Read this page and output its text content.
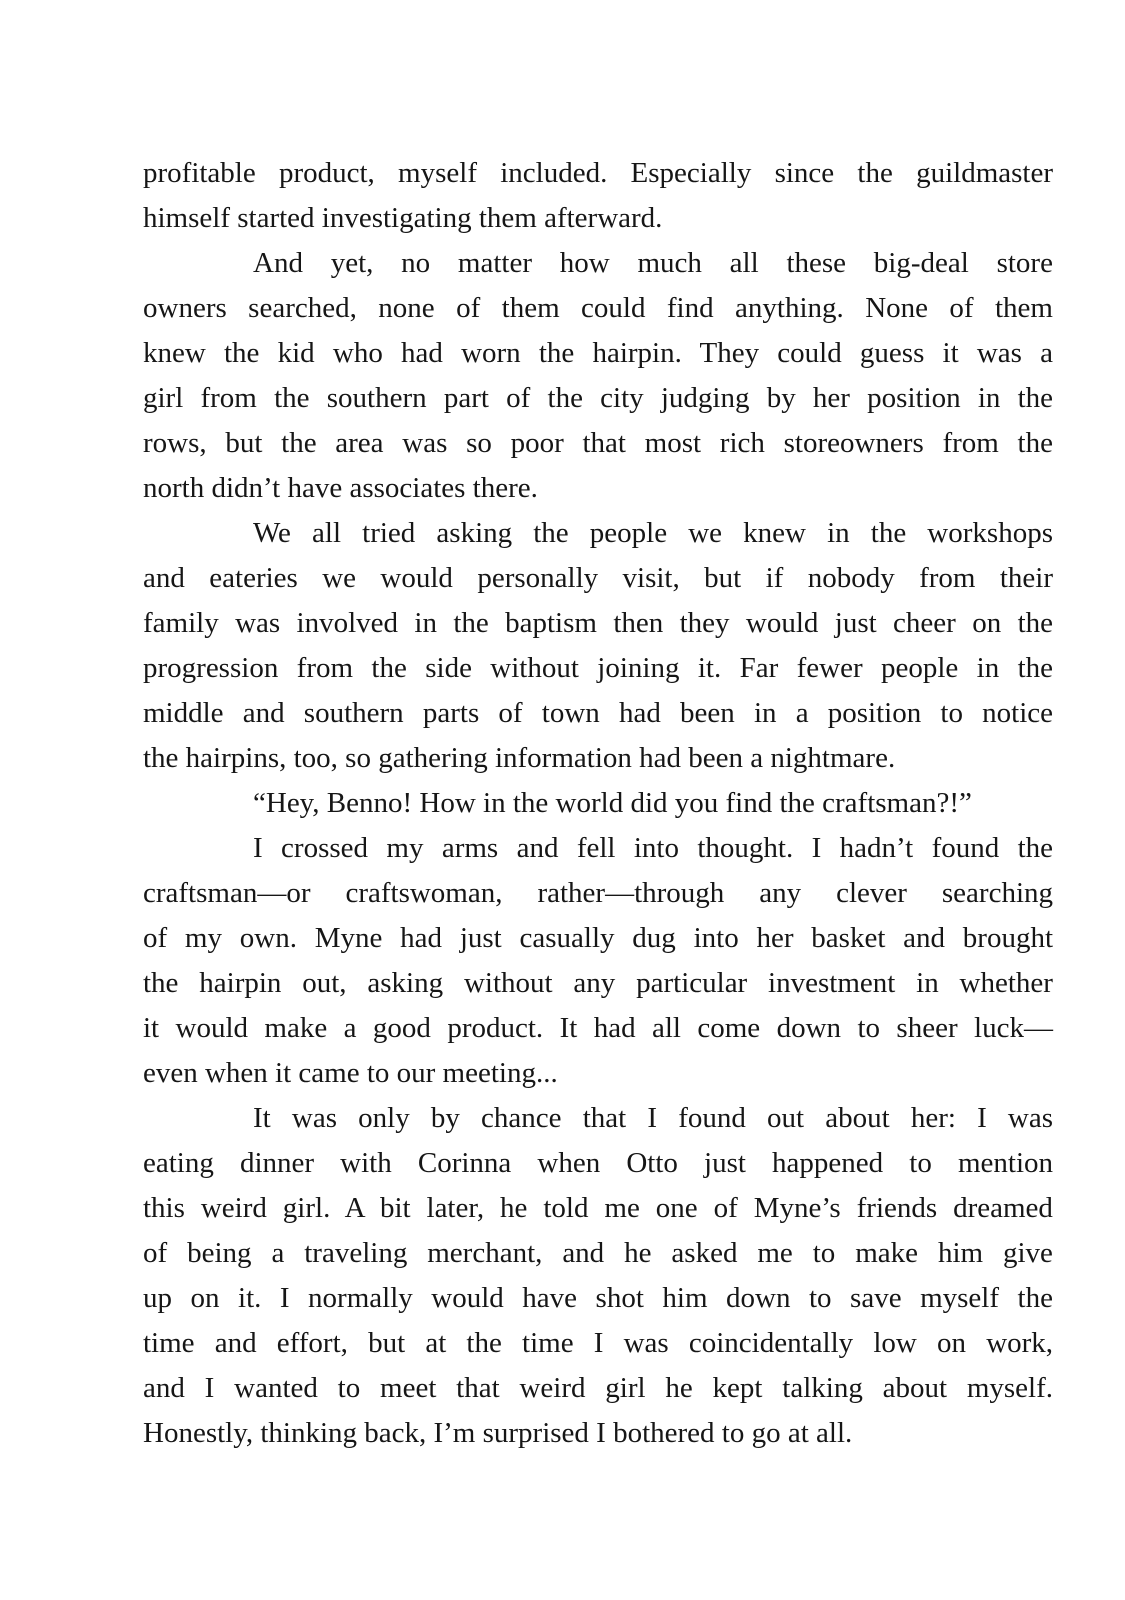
profitable product, myself included. Especially since the guildmaster
himself started investigating them afterward.
And yet, no matter how much all these big-deal store
owners searched, none of them could find anything. None of them
knew the kid who had worn the hairpin. They could guess it was a
girl from the southern part of the city judging by her position in the
rows, but the area was so poor that most rich storeowners from the
north didn’t have associates there.
We all tried asking the people we knew in the workshops
and eateries we would personally visit, but if nobody from their
family was involved in the baptism then they would just cheer on the
progression from the side without joining it. Far fewer people in the
middle and southern parts of town had been in a position to notice
the hairpins, too, so gathering information had been a nightmare.
“Hey, Benno! How in the world did you find the craftsman?!”
I crossed my arms and fell into thought. I hadn’t found the
craftsman—or craftswoman, rather—through any clever searching
of my own. Myne had just casually dug into her basket and brought
the hairpin out, asking without any particular investment in whether
it would make a good product. It had all come down to sheer luck—
even when it came to our meeting...
It was only by chance that I found out about her: I was
eating dinner with Corinna when Otto just happened to mention
this weird girl. A bit later, he told me one of Myne’s friends dreamed
of being a traveling merchant, and he asked me to make him give
up on it. I normally would have shot him down to save myself the
time and effort, but at the time I was coincidentally low on work,
and I wanted to meet that weird girl he kept talking about myself.
Honestly, thinking back, I’m surprised I bothered to go at all.
